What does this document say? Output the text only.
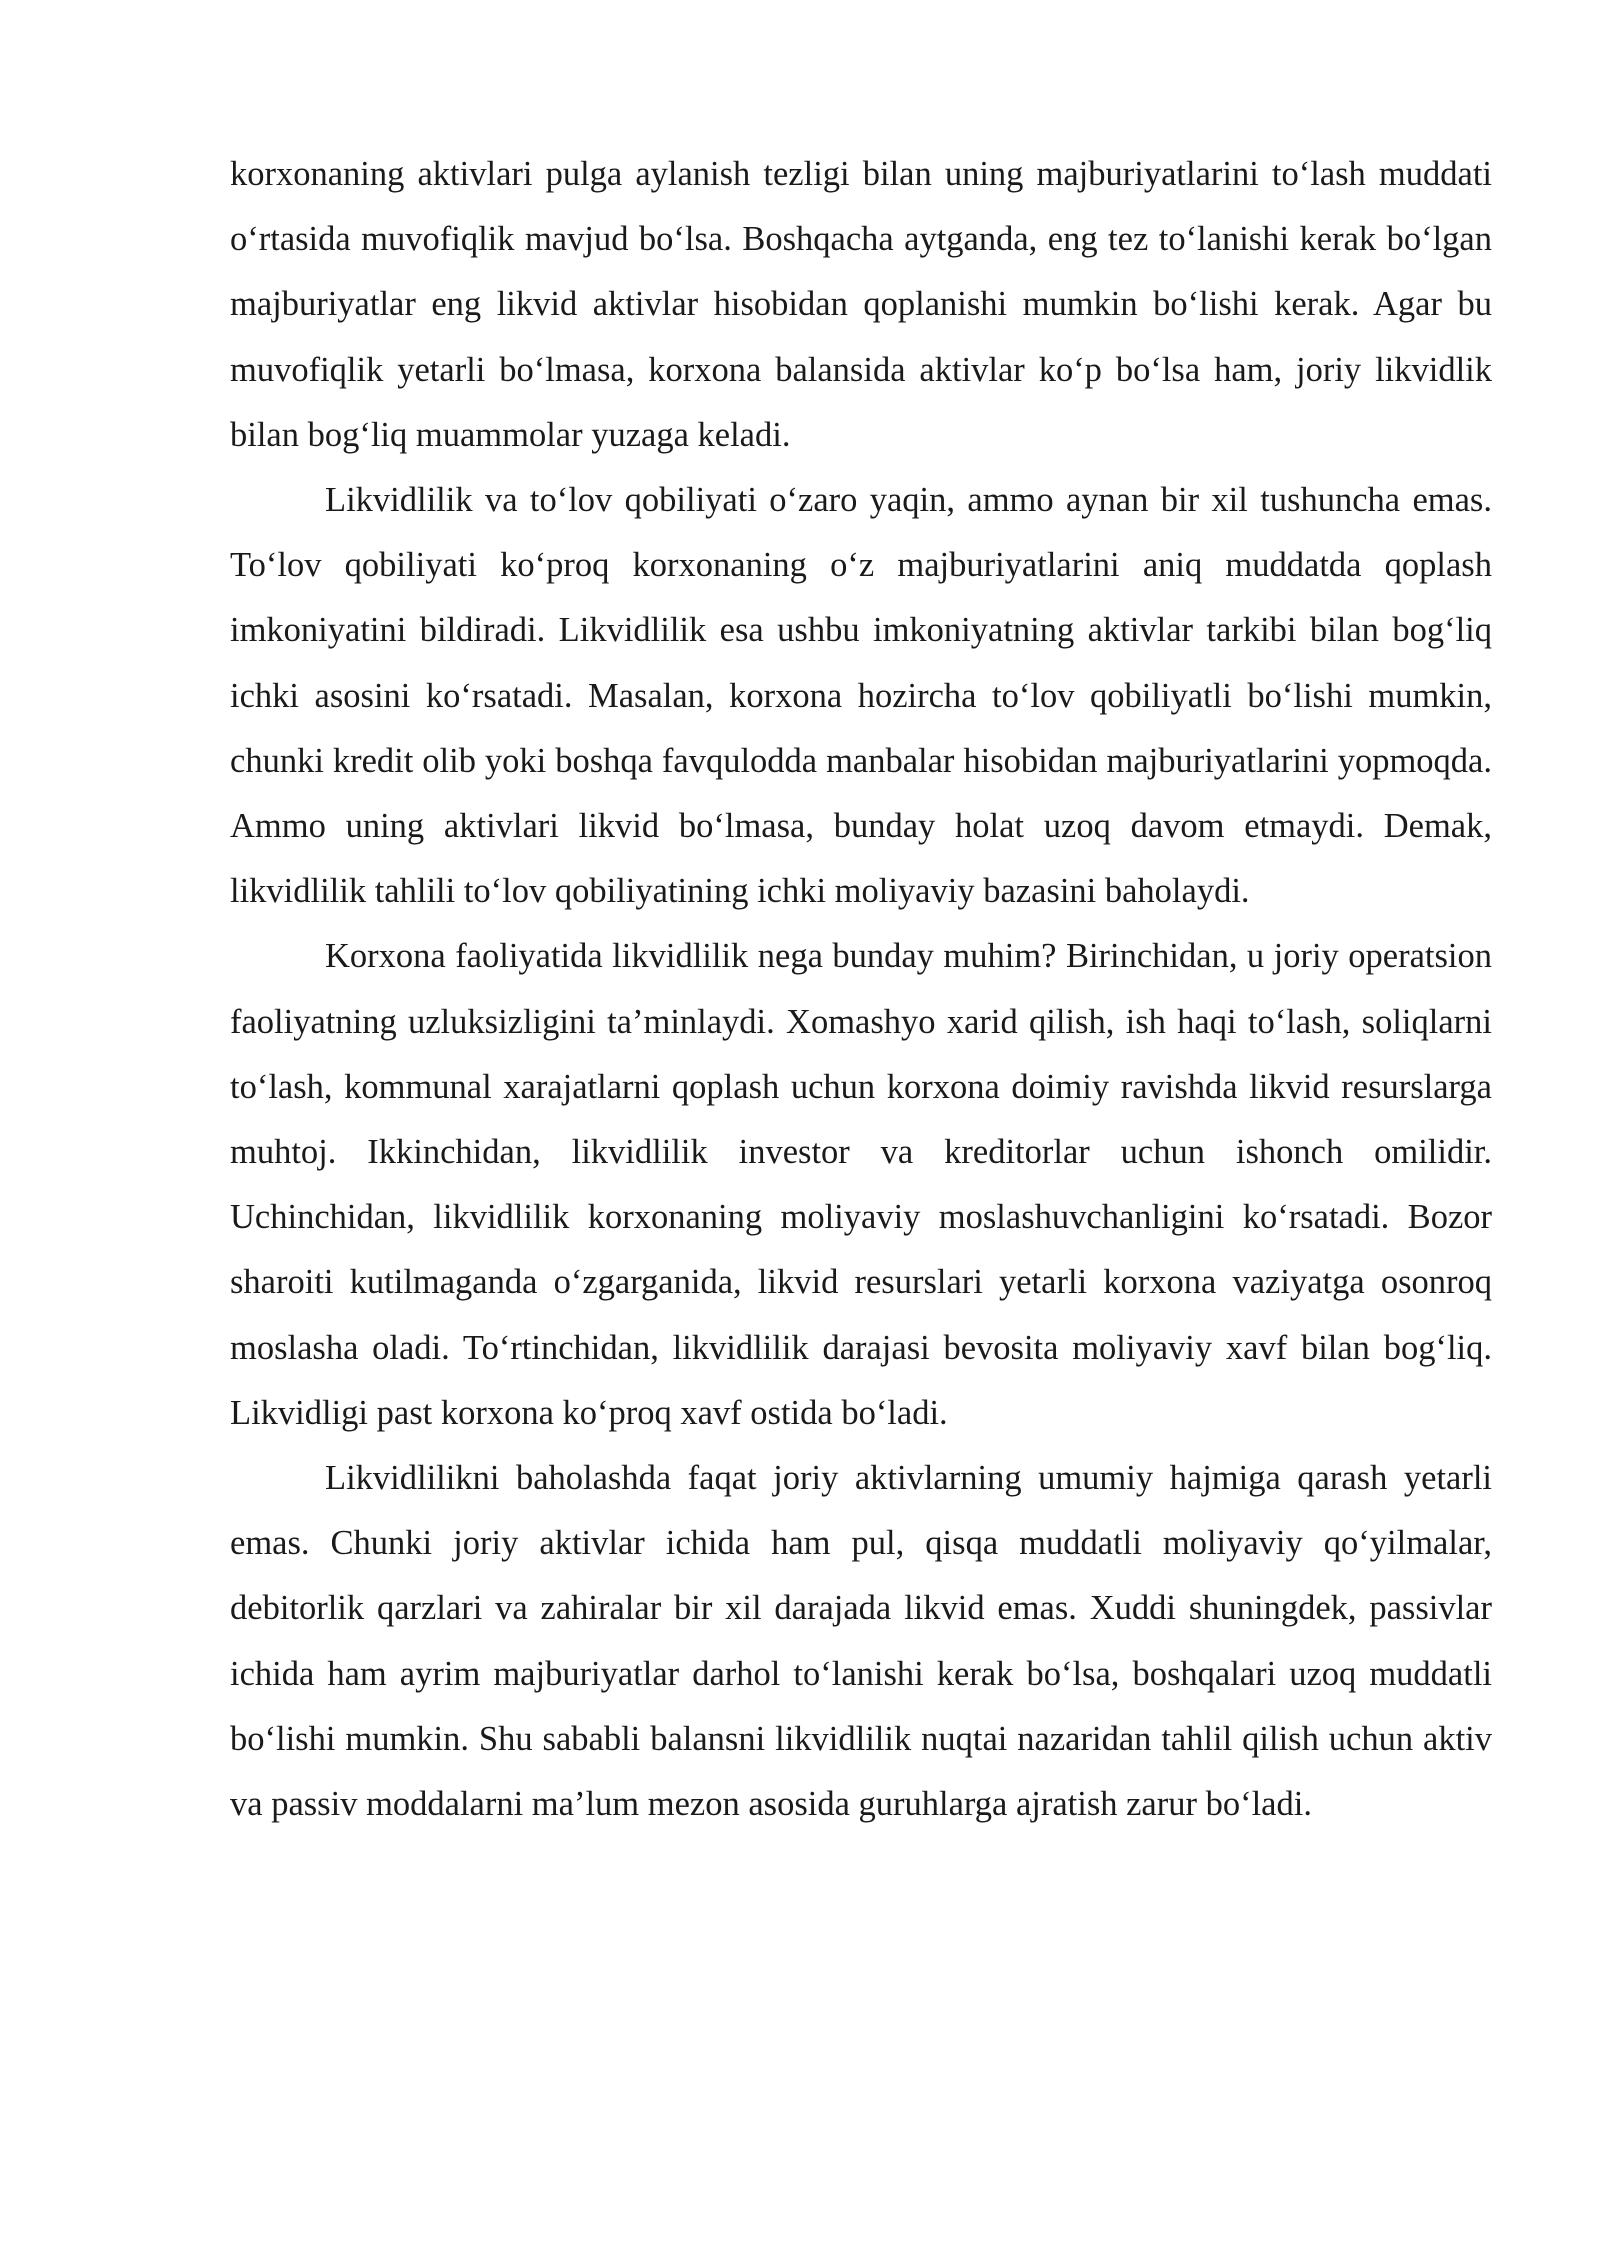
korxonaning aktivlari pulga aylanish tezligi bilan uning majburiyatlarini to‘lash muddati o‘rtasida muvofiqlik mavjud bo‘lsa. Boshqacha aytganda, eng tez to‘lanishi kerak bo‘lgan majburiyatlar eng likvid aktivlar hisobidan qoplanishi mumkin bo‘lishi kerak. Agar bu muvofiqlik yetarli bo‘lmasa, korxona balansida aktivlar ko‘p bo‘lsa ham, joriy likvidlik bilan bog‘liq muammolar yuzaga keladi.

Likvidlilik va to‘lov qobiliyati o‘zaro yaqin, ammo aynan bir xil tushuncha emas. To‘lov qobiliyati ko‘proq korxonaning o‘z majburiyatlarini aniq muddatda qoplash imkoniyatini bildiradi. Likvidlilik esa ushbu imkoniyatning aktivlar tarkibi bilan bog‘liq ichki asosini ko‘rsatadi. Masalan, korxona hozircha to‘lov qobiliyatli bo‘lishi mumkin, chunki kredit olib yoki boshqa favqulodda manbalar hisobidan majburiyatlarini yopmoqda. Ammo uning aktivlari likvid bo‘lmasa, bunday holat uzoq davom etmaydi. Demak, likvidlilik tahlili to‘lov qobiliyatining ichki moliyaviy bazasini baholaydi.

Korxona faoliyatida likvidlilik nega bunday muhim? Birinchidan, u joriy operatsion faoliyatning uzluksizligini ta’minlaydi. Xomashyo xarid qilish, ish haqi to‘lash, soliqlarni to‘lash, kommunal xarajatlarni qoplash uchun korxona doimiy ravishda likvid resurslarga muhtoj. Ikkinchidan, likvidlilik investor va kreditorlar uchun ishonch omilidir. Uchinchidan, likvidlilik korxonaning moliyaviy moslashuvchanligini ko‘rsatadi. Bozor sharoiti kutilmaganda o‘zgarganida, likvid resurslari yetarli korxona vaziyatga osonroq moslasha oladi. To‘rtinchidan, likvidlilik darajasi bevosita moliyaviy xavf bilan bog‘liq. Likvidligi past korxona ko‘proq xavf ostida bo‘ladi.

Likvidlilikni baholashda faqat joriy aktivlarning umumiy hajmiga qarash yetarli emas. Chunki joriy aktivlar ichida ham pul, qisqa muddatli moliyaviy qo‘yilmalar, debitorlik qarzlari va zahiralar bir xil darajada likvid emas. Xuddi shuningdek, passivlar ichida ham ayrim majburiyatlar darhol to‘lanishi kerak bo‘lsa, boshqalari uzoq muddatli bo‘lishi mumkin. Shu sababli balansni likvidlilik nuqtai nazaridan tahlil qilish uchun aktiv va passiv moddalarni ma’lum mezon asosida guruhlarga ajratish zarur bo‘ladi.
